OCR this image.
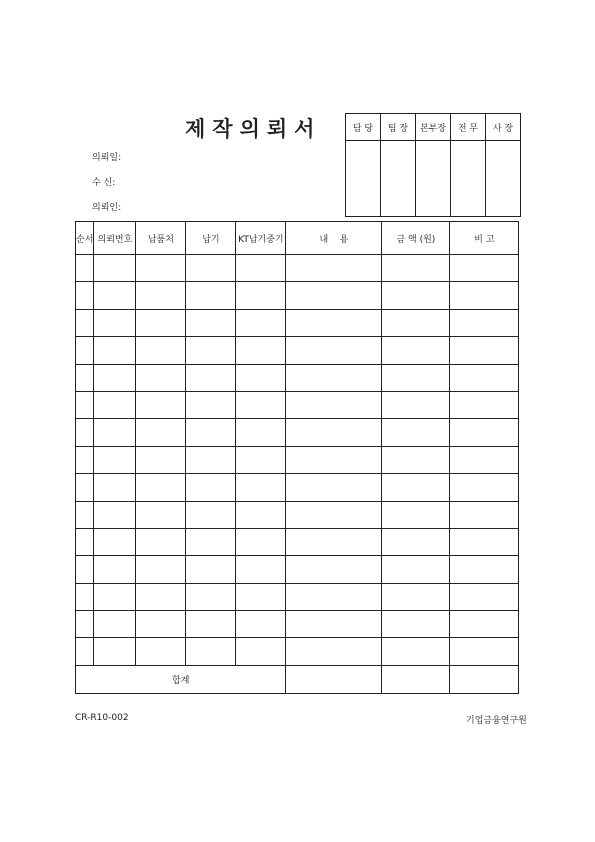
제작의뢰서
의뢰일:
수 신:
의뢰인:
담 당	팀 장	본부장	전 무	사 장

순서	의뢰번호	납품처	납기	KT납기중기	내    용	금 액 (원)	비 고

합계							
CR-R10-002	기업금융연구원
